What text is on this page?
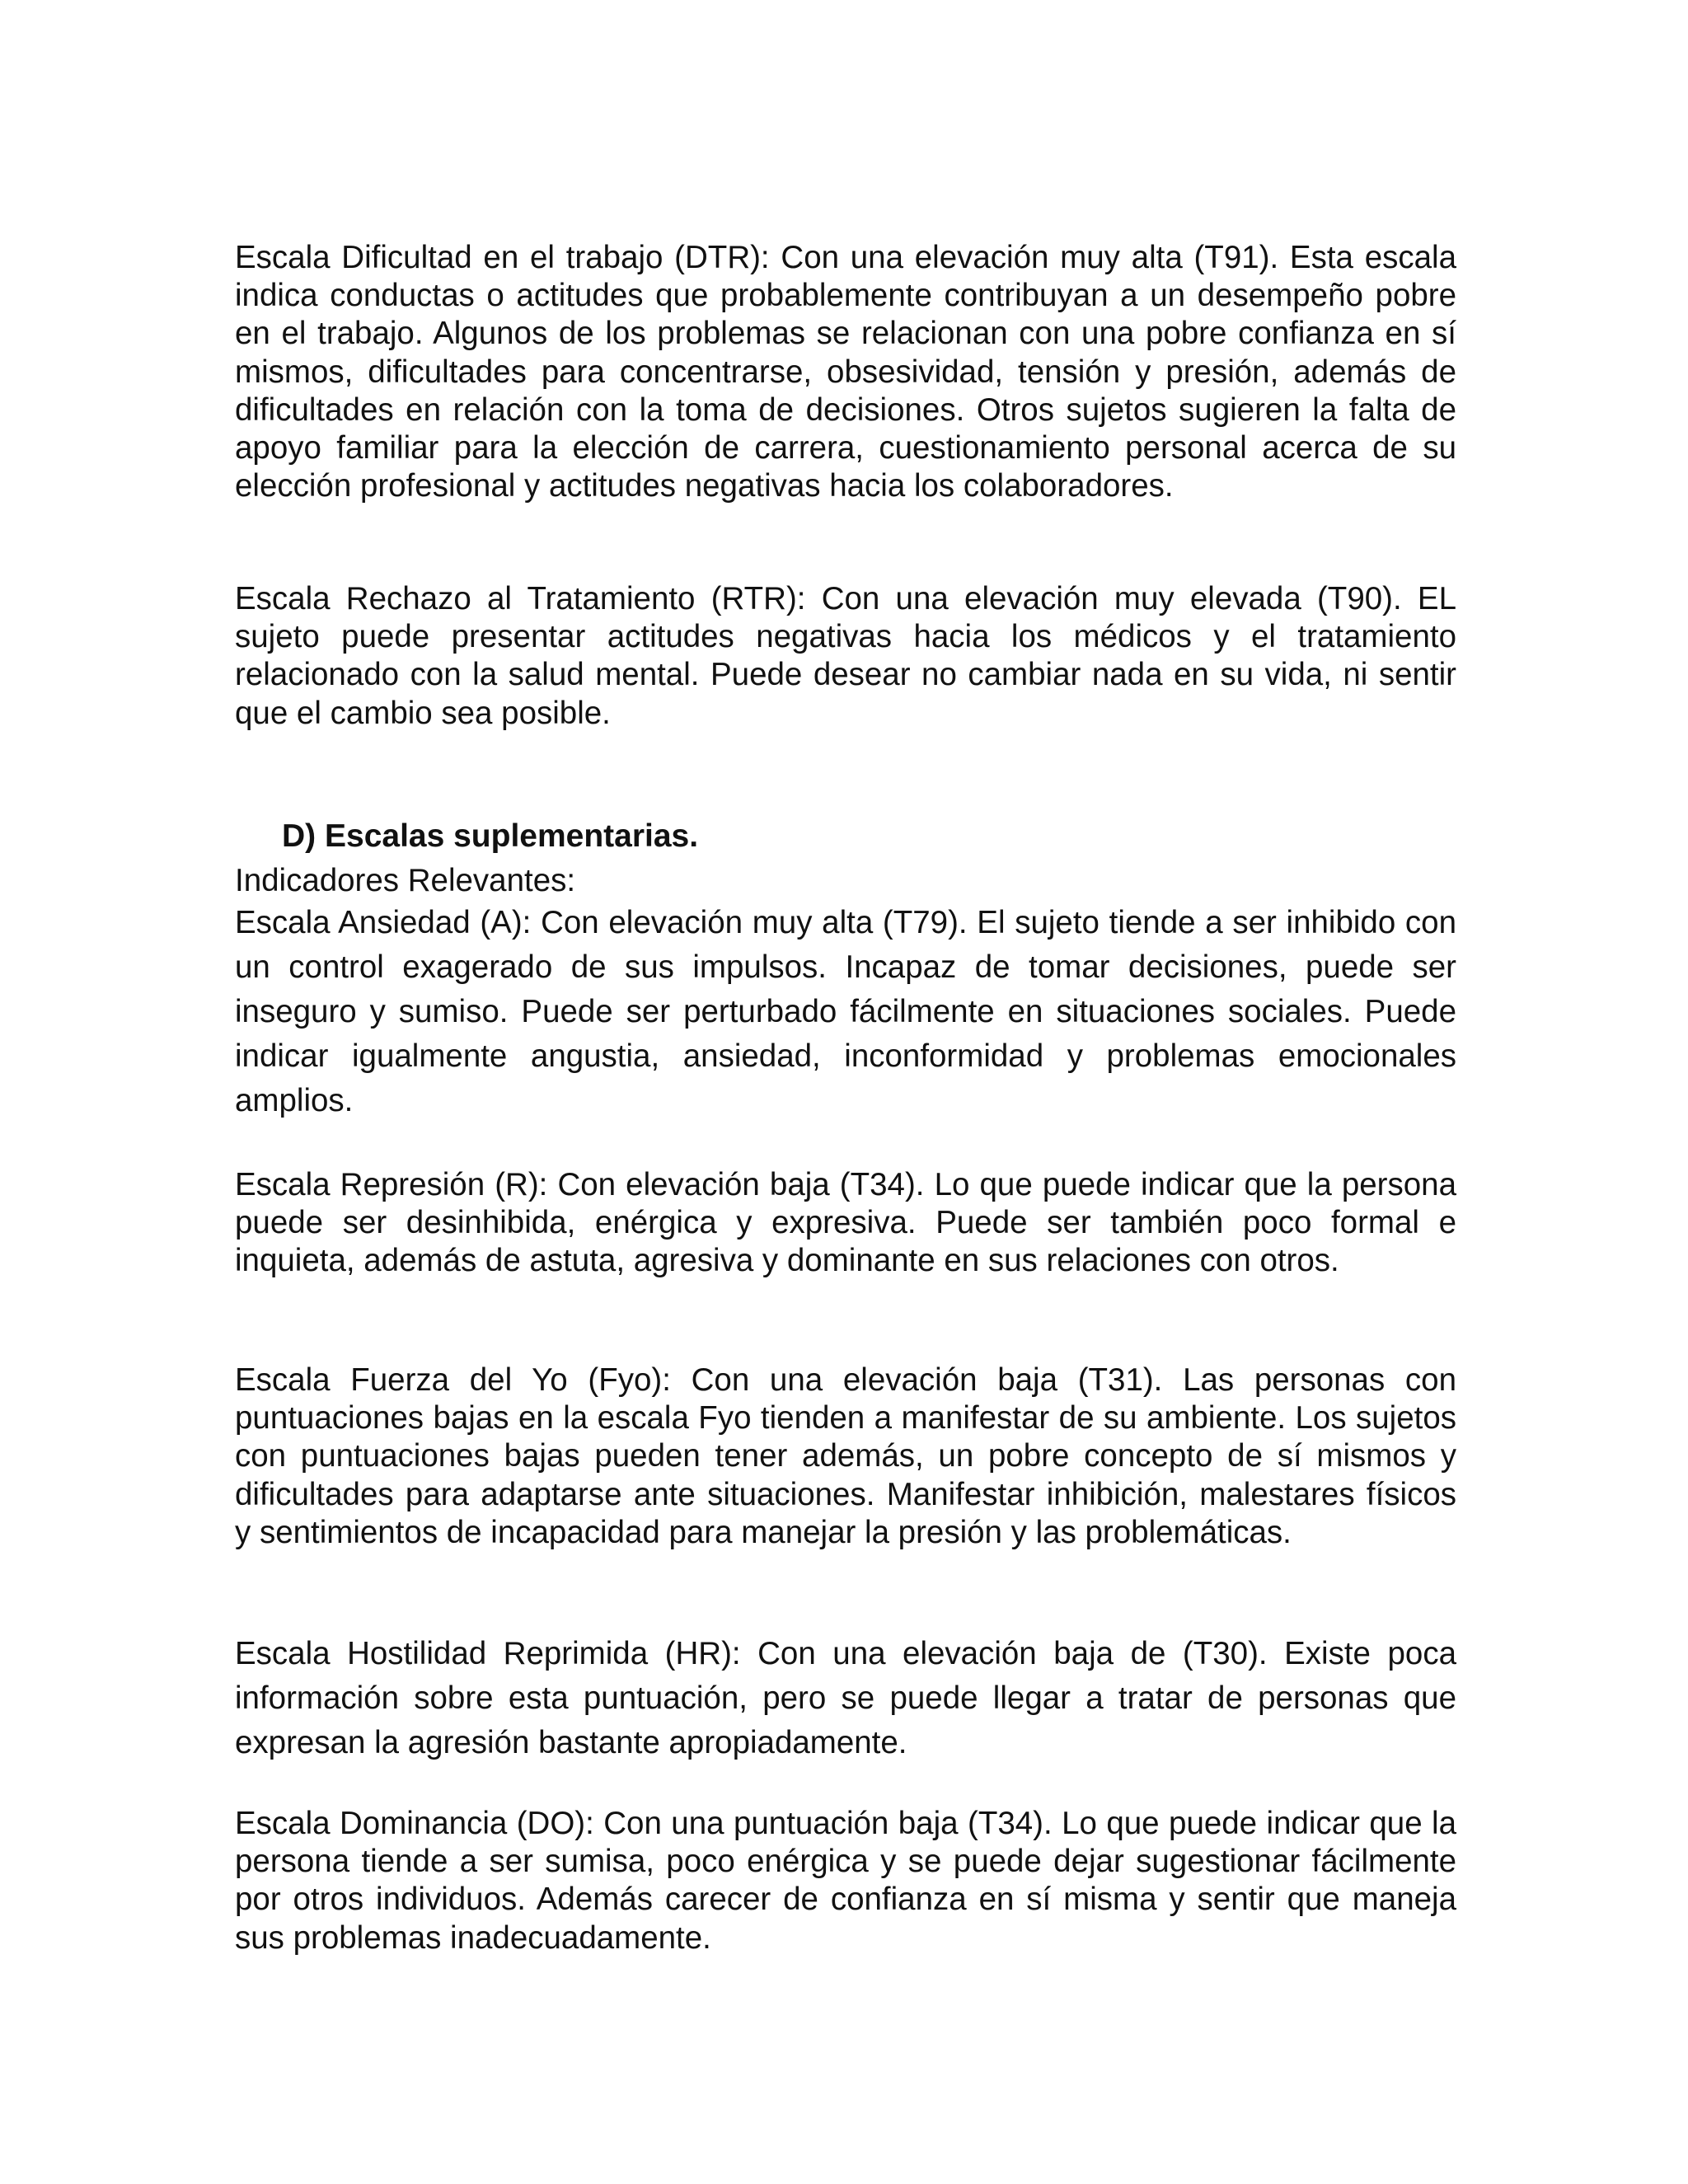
Escala Dificultad en el trabajo (DTR): Con una elevación muy alta (T91). Esta escala indica conductas o actitudes que probablemente contribuyan a un desempeño pobre en el trabajo. Algunos de los problemas se relacionan con una pobre confianza en sí mismos, dificultades para concentrarse, obsesividad, tensión y presión, además de dificultades en relación con la toma de decisiones. Otros sujetos sugieren la falta de apoyo familiar para la elección de carrera, cuestionamiento personal acerca de su elección profesional y actitudes negativas hacia los colaboradores.

Escala Rechazo al Tratamiento (RTR): Con una elevación muy elevada (T90). EL sujeto puede presentar actitudes negativas hacia los médicos y el tratamiento relacionado con la salud mental. Puede desear no cambiar nada en su vida, ni sentir que el cambio sea posible.

D) Escalas suplementarias.

Indicadores Relevantes:

Escala Ansiedad (A): Con elevación muy alta (T79). El sujeto tiende a ser inhibido con un control exagerado de sus impulsos. Incapaz de tomar decisiones, puede ser inseguro y sumiso. Puede ser perturbado fácilmente en situaciones sociales. Puede indicar igualmente angustia, ansiedad, inconformidad y problemas emocionales amplios.

Escala Represión (R): Con elevación baja (T34). Lo que puede indicar que la persona puede ser desinhibida, enérgica y expresiva. Puede ser también poco formal e inquieta, además de astuta, agresiva y dominante en sus relaciones con otros.

Escala Fuerza del Yo (Fyo): Con una elevación baja (T31). Las personas con puntuaciones bajas en la escala Fyo tienden a manifestar de su ambiente. Los sujetos con puntuaciones bajas pueden tener además, un pobre concepto de sí mismos y dificultades para adaptarse ante situaciones. Manifestar inhibición, malestares físicos y sentimientos de incapacidad para manejar la presión y las problemáticas.

Escala Hostilidad Reprimida (HR): Con una elevación baja de (T30). Existe poca información sobre esta puntuación, pero se puede llegar a tratar de personas que expresan la agresión bastante apropiadamente.

Escala Dominancia (DO): Con una puntuación baja (T34). Lo que puede indicar que la persona tiende a ser sumisa, poco enérgica y se puede dejar sugestionar fácilmente por otros individuos. Además carecer de confianza en sí misma y sentir que maneja sus problemas inadecuadamente.
